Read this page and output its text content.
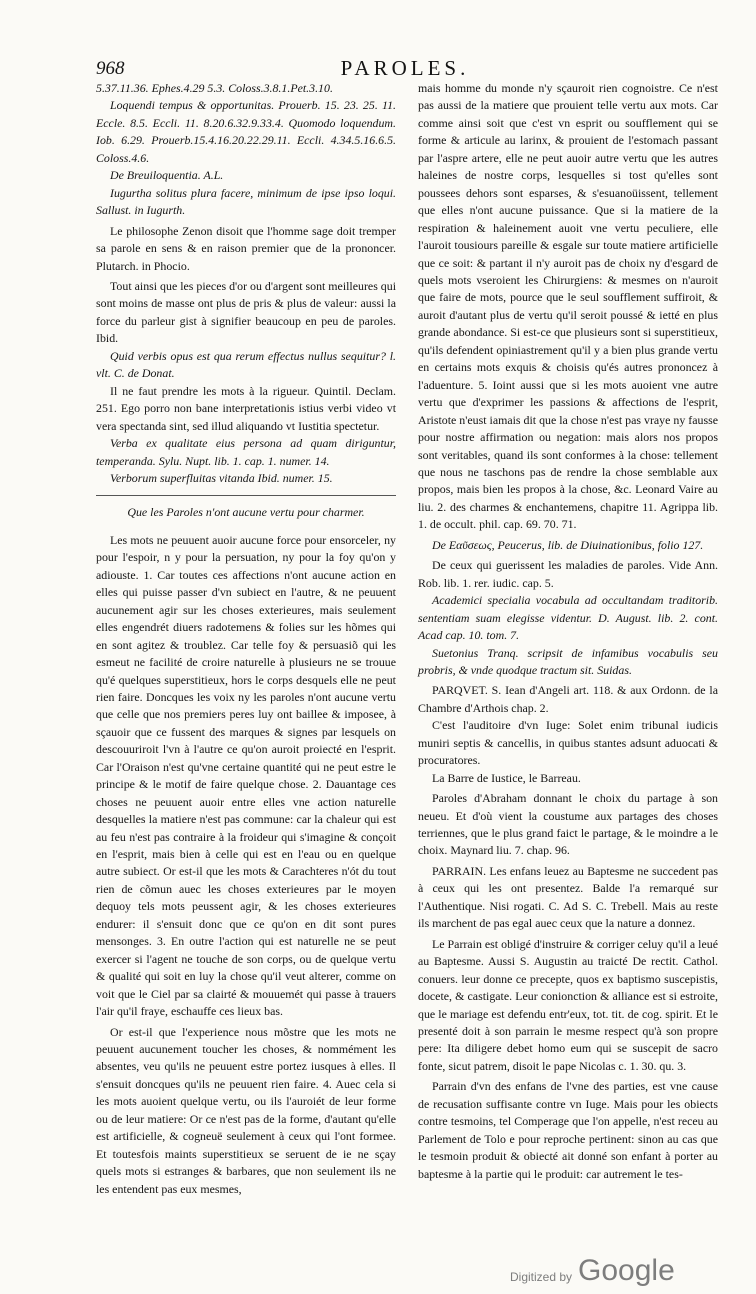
968	PAROLES.

5.37.11.36. Ephes.4.29 5.3. Coloss.3.8.1.Pet.3.10.

Loquendi tempus & opportunitas. Prouerb. 15. 23. 25. 11. Eccle. 8.5. Eccli. 11. 8.20.6.32.9.33.4. Quomodo loquendum. Iob. 6.29. Prouerb.15.4.16.20.22.29.11. Eccli. 4.34.5.16.6.5. Coloss.4.6.

De Breuiloquentia. A.L.

Iugurtha solitus plura facere, minimum de ipse ipso loqui. Sallust. in Iugurth.

Le philosophe Zenon disoit que l'homme sage doit tremper sa parole en sens & en raison premier que de la prononcer. Plutarch. in Phocio.

Tout ainsi que les pieces d'or ou d'argent sont meilleures qui sont moins de masse ont plus de pris & plus de valeur: aussi la force du parleur gist à signifier beaucoup en peu de paroles. Ibid.

Quid verbis opus est qua rerum effectus nullus sequitur? l. vlt. C. de Donat.

Il ne faut prendre les mots à la rigueur. Quintil. Declam. 251. Ego porro non bane interpretationis istius verbi video vt vera spectanda sint, sed illud aliquando vt Iustitia spectetur.

Verba ex qualitate eius persona ad quam diriguntur, temperanda. Sylu. Nupt. lib. 1. cap. 1. numer. 14.

Verborum superfluitas vitanda Ibid. numer. 15.

Que les Paroles n'ont aucune vertu pour charmer.

Les mots ne peuuent auoir aucune force pour ensorceler, ny pour l'espoir, n y pour la persuation, ny pour la foy qu'on y adiouste. 1. Car toutes ces affections n'ont aucune action en elles qui puisse passer d'vn subiect en l'autre, & ne peuuent aucunement agir sur les choses exterieures, mais seulement elles engendrét diuers radotemens & folies sur les hõmes qui en sont agitez & troublez. Car telle foy & persuasiõ qui les esmeut ne facilité de croire naturelle à plusieurs ne se trouue qu'é quelques superstitieux, hors le corps desquels elle ne peut rien faire. Doncques les voix ny les paroles n'ont aucune vertu que celle que nos premiers peres luy ont baillee & imposee, à sçauoir que ce fussent des marques & signes par lesquels on descouuriroit l'vn à l'autre ce qu'on auroit proiecté en l'esprit. Car l'Oraison n'est qu'vne certaine quantité qui ne peut estre le principe & le motif de faire quelque chose. 2. Dauantage ces choses ne peuuent auoir entre elles vne action naturelle desquelles la matiere n'est pas commune: car la chaleur qui est au feu n'est pas contraire à la froideur qui s'imagine & conçoit en l'esprit, mais bien à celle qui est en l'eau ou en quelque autre subiect. Or est-il que les mots & Carachteres n'ót du tout rien de cõmun auec les choses exterieures par le moyen dequoy tels mots peussent agir, & les choses exterieures endurer: il s'ensuit donc que ce qu'on en dit sont pures mensonges. 3. En outre l'action qui est naturelle ne se peut exercer si l'agent ne touche de son corps, ou de quelque vertu & qualité qui soit en luy la chose qu'il veut alterer, comme on voit que le Ciel par sa clairté & mouuemét qui passe à trauers l'air qu'il fraye, eschauffe ces lieux bas.

Or est-il que l'experience nous mõstre que les mots ne peuuent aucunement toucher les choses, & nommément les absentes, veu qu'ils ne peuuent estre portez iusques à elles. Il s'ensuit doncques qu'ils ne peuuent rien faire. 4. Auec cela si les mots auoient quelque vertu, ou ils l'auroiét de leur forme ou de leur matiere: Or ce n'est pas de la forme, d'autant qu'elle est artificielle, & cogneuë seulement à ceux qui l'ont formee. Et toutesfois maints superstitieux se seruent de ie ne sçay quels mots si estranges & barbares, que non seulement ils ne les entendent pas eux mesmes,

mais homme du monde n'y sçauroit rien cognoistre. Ce n'est pas aussi de la matiere que prouient telle vertu aux mots. Car comme ainsi soit que c'est vn esprit ou soufflement qui se forme & articule au larinx, & prouient de l'estomach passant par l'aspre artere, elle ne peut auoir autre vertu que les autres haleines de nostre corps, lesquelles si tost qu'elles sont poussees dehors sont esparses, & s'esuanoüissent, tellement que elles n'ont aucune puissance. Que si la matiere de la respiration & haleinement auoit vne vertu peculiere, elle l'auroit tousiours pareille & esgale sur toute matiere artificielle que ce soit: & partant il n'y auroit pas de choix ny d'esgard de quels mots vseroient les Chirurgiens: & mesmes on n'auroit que faire de mots, pource que le seul soufflement suffiroit, & auroit d'autant plus de vertu qu'il seroit poussé & ietté en plus grande abondance. Si est-ce que plusieurs sont si superstitieux, qu'ils defendent opiniastrement qu'il y a bien plus grande vertu en certains mots exquis & choisis qu'és autres prononcez à l'aduenture. 5. Ioint aussi que si les mots auoient vne autre vertu que d'exprimer les passions & affections de l'esprit, Aristote n'eust iamais dit que la chose n'est pas vraye ny fausse pour nostre affirmation ou negation: mais alors nos propos sont veritables, quand ils sont conformes à la chose: tellement que nous ne taschons pas de rendre la chose semblable aux propos, mais bien les propos à la chose, &c. Leonard Vaire au liu. 2. des charmes & enchantemens, chapitre 11. Agrippa lib. 1. de occult. phil. cap. 69. 70. 71.

De Eαῦσεως, Peucerus, lib. de Diuinationibus, folio 127.

De ceux qui guerissent les maladies de paroles. Vide Ann. Rob. lib. 1. rer. iudic. cap. 5.

Academici specialia vocabula ad occultandam traditorib. sententiam suam elegisse videntur. D. August. lib. 2. cont. Acad cap. 10. tom. 7.

Suetonius Tranq. scripsit de infamibus vocabulis seu probris, & vnde quodque tractum sit. Suidas.

PARQVET. S. Iean d'Angeli art. 118. & aux Ordonn. de la Chambre d'Arthois chap. 2.

C'est l'auditoire d'vn Iuge: Solet enim tribunal iudicis muniri septis & cancellis, in quibus stantes adsunt aduocati & procuratores.

La Barre de Iustice, le Barreau.

Paroles d'Abraham donnant le choix du partage à son neueu. Et d'où vient la coustume aux partages des choses terriennes, que le plus grand faict le partage, & le moindre a le choix. Maynard liu. 7. chap. 96.

PARRAIN. Les enfans leuez au Baptesme ne succedent pas à ceux qui les ont presentez. Balde l'a remarqué sur l'Authentique. Nisi rogati. C. Ad S. C. Trebell. Mais au reste ils marchent de pas egal auec ceux que la nature a donnez.

Le Parrain est obligé d'instruire & corriger celuy qu'il a leué au Baptesme. Aussi S. Augustin au traicté De rectit. Cathol. conuers. leur donne ce precepte, quos ex baptismo suscepistis, docete, & castigate. Leur conionction & alliance est si estroite, que le mariage est defendu entr'eux, tot. tit. de cog. spirit. Et le presenté doit à son parrain le mesme respect qu'à son propre pere: Ita diligere debet homo eum qui se suscepit de sacro fonte, sicut patrem, disoit le pape Nicolas c. 1. 30. qu. 3.

Parrain d'vn des enfans de l'vne des parties, est vne cause de recusation suffisante contre vn Iuge. Mais pour les obiects contre tesmoins, tel Comperage que l'on appelle, n'est receu au Parlement de Tolo e pour reproche pertinent: sinon au cas que le tesmoin produit & obiecté ait donné son enfant à porter au baptesme à la partie qui le produit: car autrement le tes-

Digitized by Google
